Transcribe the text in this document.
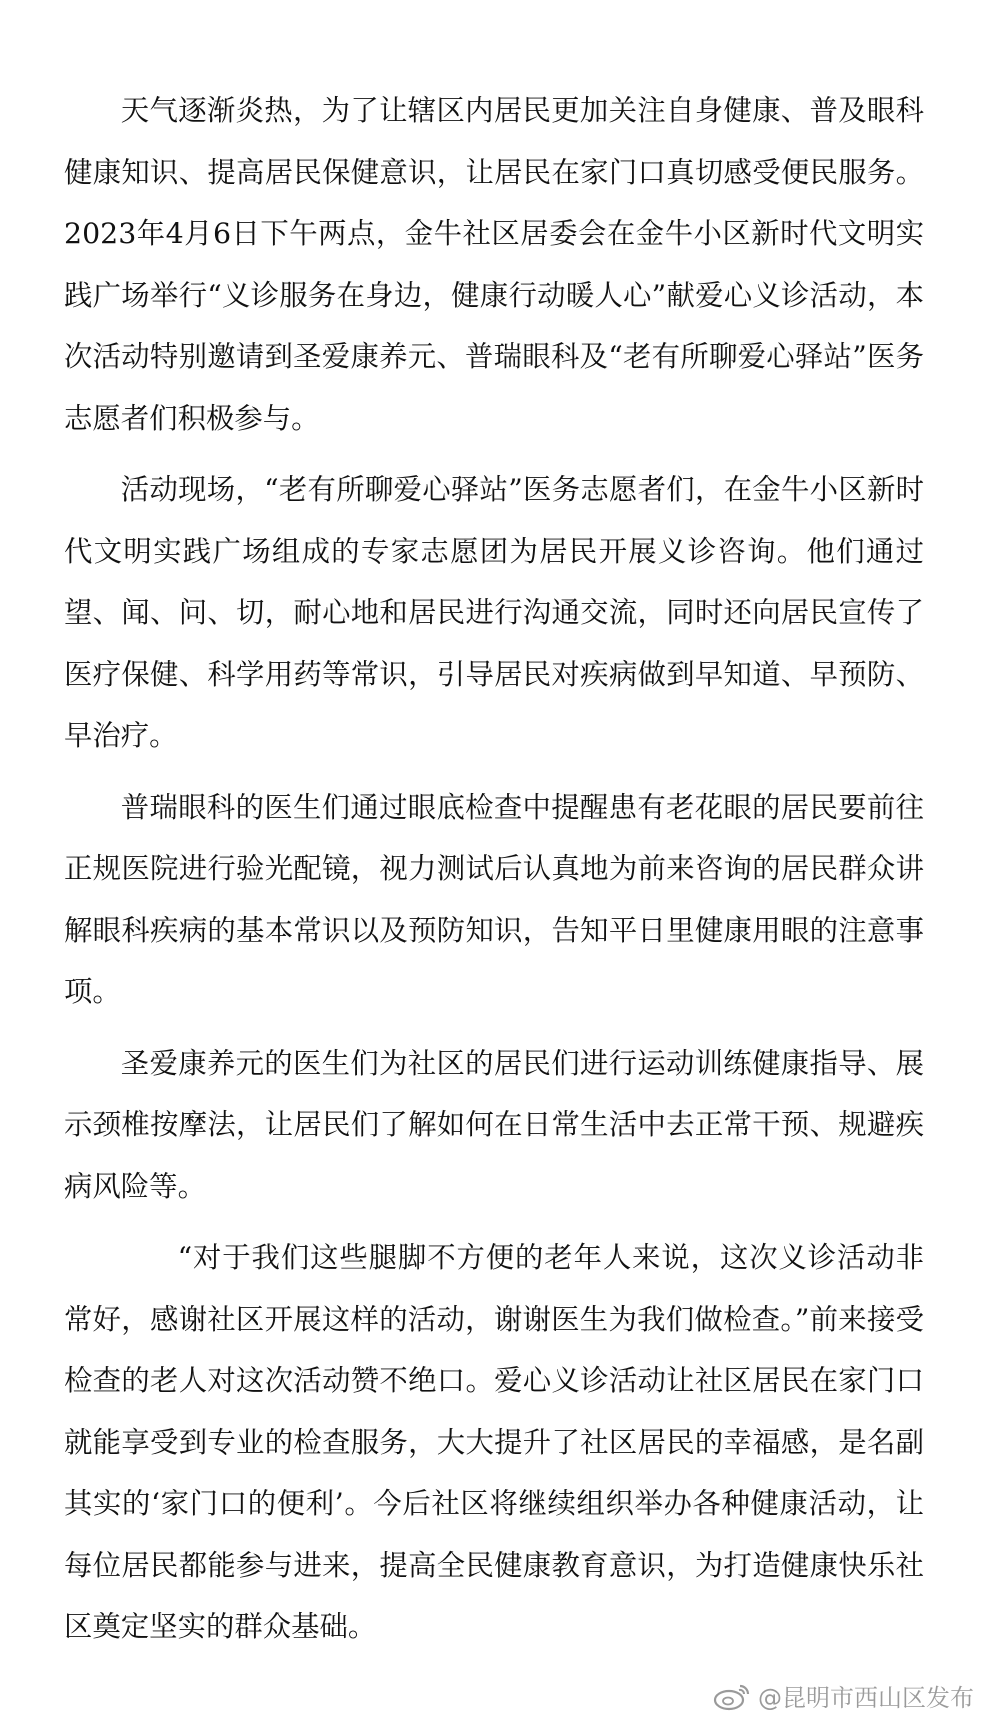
天气逐渐炎热，为了让辖区内居民更加关注自身健康、普及眼科健康知识、提高居民保健意识，让居民在家门口真切感受便民服务。2023年4月6日下午两点，金牛社区居委会在金牛小区新时代文明实践广场举行“义诊服务在身边，健康行动暖人心”献爱心义诊活动，本次活动特别邀请到圣爱康养元、普瑞眼科及“老有所聊爱心驿站”医务志愿者们积极参与。

活动现场，“老有所聊爱心驿站”医务志愿者们，在金牛小区新时代文明实践广场组成的专家志愿团为居民开展义诊咨询。他们通过望、闻、问、切，耐心地和居民进行沟通交流，同时还向居民宣传了医疗保健、科学用药等常识，引导居民对疾病做到早知道、早预防、早治疗。

普瑞眼科的医生们通过眼底检查中提醒患有老花眼的居民要前往正规医院进行验光配镜，视力测试后认真地为前来咨询的居民群众讲解眼科疾病的基本常识以及预防知识，告知平日里健康用眼的注意事项。

圣爱康养元的医生们为社区的居民们进行运动训练健康指导、展示颈椎按摩法，让居民们了解如何在日常生活中去正常干预、规避疾病风险等。

“对于我们这些腿脚不方便的老年人来说，这次义诊活动非常好，感谢社区开展这样的活动，谢谢医生为我们做检查。”前来接受检查的老人对这次活动赞不绝口。爱心义诊活动让社区居民在家门口就能享受到专业的检查服务，大大提升了社区居民的幸福感，是名副其实的‘家门口的便利’。今后社区将继续组织举办各种健康活动，让每位居民都能参与进来，提高全民健康教育意识，为打造健康快乐社区奠定坚实的群众基础。

@昆明市西山区发布
